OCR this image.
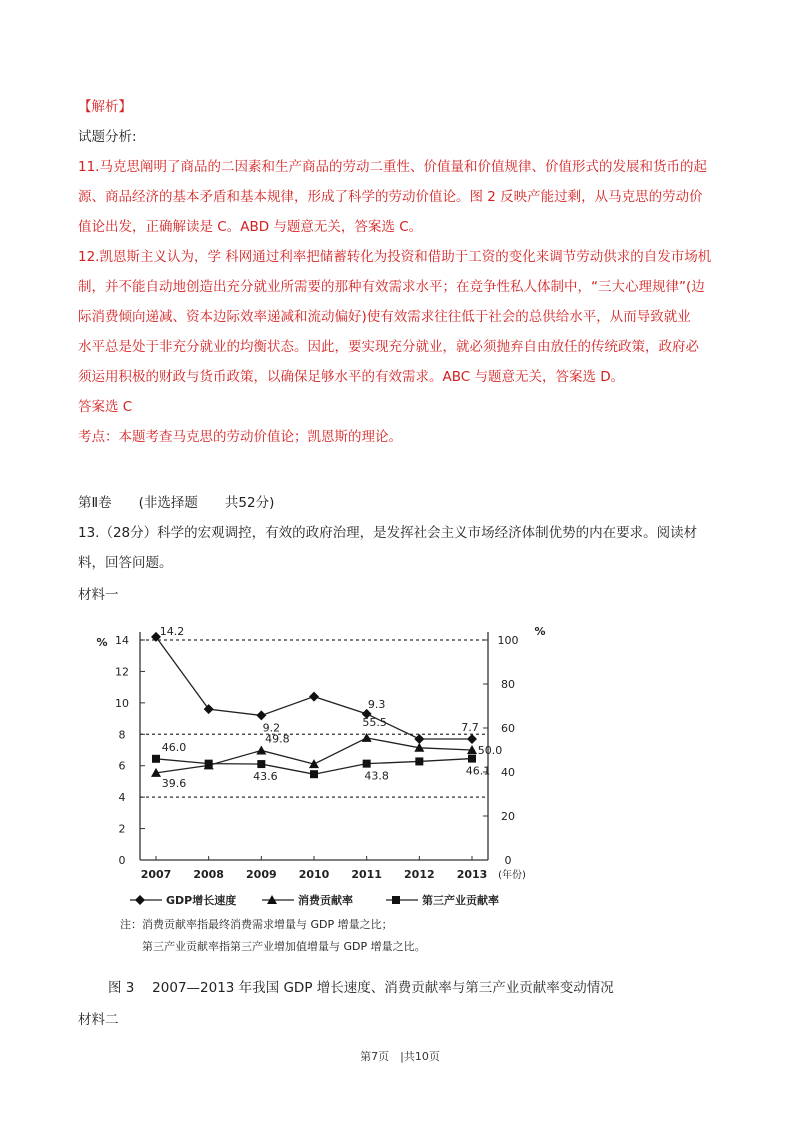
【解析】
试题分析:

11.马克思阐明了商品的二因素和生产商品的劳动二重性、价值量和价值规律、价值形式的发展和货币的起

源、商品经济的基本矛盾和基本规律，形成了科学的劳动价值论。图 2 反映产能过剩，从马克思的劳动价

值论出发，正确解读是 C。ABD 与题意无关，答案选 C。

12.凯恩斯主义认为，学 科网通过利率把储蓄转化为投资和借助于工资的变化来调节劳动供求的自发市场机

制，并不能自动地创造出充分就业所需要的那种有效需求水平；在竞争性私人体制中，“三大心理规律”(边

际消费倾向递减、资本边际效率递减和流动偏好)使有效需求往往低于社会的总供给水平，从而导致就业

水平总是处于非充分就业的均衡状态。因此，要实现充分就业，就必须抛弃自由放任的传统政策，政府必

须运用积极的财政与货币政策，以确保足够水平的有效需求。ABC 与题意无关，答案选 D。

答案选 C

考点：本题考查马克思的劳动价值论；凯恩斯的理论。

第Ⅱ卷　　(非选择题　　共52分)

13.（28分）科学的宏观调控，有效的政府治理，是发挥社会主义市场经济体制优势的内在要求。阅读材

料，回答问题。

材料一
0
2
4
6
8
10
12
14
0
20
40
60
80
100
%
%
2007 2008 2009 2010 2011 2012 2013 (年份)
14.2
9.2
9.3
7.7
39.6
49.8
55.5
50.0
46.0
43.6	43.8	46.1
GDP增长速度	消费贡献率	第三产业贡献率
注：消费贡献率指最终消费需求增量与 GDP 增量之比；
　　第三产业贡献率指第三产业增加值增量与 GDP 增量之比。
图 3　 2007—2013 年我国 GDP 增长速度、消费贡献率与第三产业贡献率变动情况
材料二
第7页　|共10页
